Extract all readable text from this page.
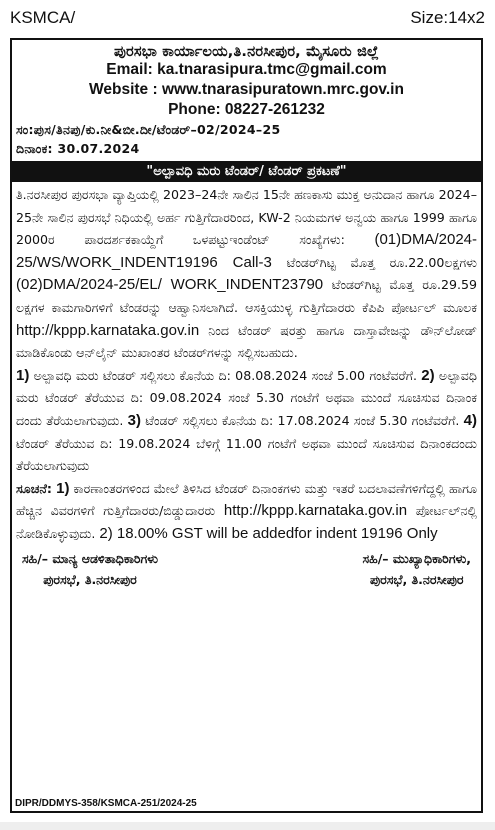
KSMCA/	Size:14x2
ಪುರಸಭಾ ಕಾರ್ಯಾಲಯ,ತಿ.ನರಸೀಪುರ, ಮೈಸೂರು ಜಿಲ್ಲೆ
Email: ka.tnarasipura.tmc@gmail.com
Website : www.tnarasipuratown.mrc.gov.in
Phone: 08227-261232
ಸಂ:ಪುಸ/ತಿನಪು/ಕು.ನೀ&ಬೀ.ದೀ/ಟೆಂಡರ್–02/2024–25
ದಿನಾಂಕ: 30.07.2024
"ಅಲ್ಪಾವಧಿ ಮರು ಟೆಂಡರ್/ ಟೆಂಡರ್ ಪ್ರಕಟಣೆ"

ತಿ.ನರಸೀಪುರ ಪುರಸಭಾ ವ್ಯಾಪ್ತಿಯಲ್ಲಿ 2023–24ನೇ ಸಾಲಿನ 15ನೇ ಹಣಕಾಸು ಮುಕ್ತ ಅನುದಾನ ಹಾಗೂ 2024–25ನೇ ಸಾಲಿನ ಪುರಸಭೆ ನಿಧಿಯಲ್ಲಿ ಅರ್ಹ ಗುತ್ತಿಗೆದಾರರಿಂದ, KW-2 ನಿಯಮಗಳ ಅನ್ವಯ ಹಾಗೂ 1999 ಹಾಗೂ 2000ರ ಪಾರದರ್ಶಕಕಾಯ್ದೆಗೆ ಒಳಪಟ್ಟುಇಂಡೆಂಟ್ ಸಂಖ್ಯೆಗಳು: (01)DMA/2024-25/WS/WORK_INDENT19196 Call-3 ಟೆಂಡರ್‌ಗಿಟ್ಟ ಮೊತ್ತ ರೂ.22.00ಲಕ್ಷಗಳು (02)DMA/2024-25/EL/ WORK_INDENT23790 ಟೆಂಡರ್‌ಗಿಟ್ಟ ಮೊತ್ತ ರೂ.29.59 ಲಕ್ಷಗಳ ಕಾಮಗಾರಿಗಳಿಗೆ ಟೆಂಡರನ್ನು ಆಹ್ವಾನಿಸಲಾಗಿದೆ. ಆಸಕ್ತಿಯುಳ್ಳ ಗುತ್ತಿಗೆದಾರರು ಕೆಪಿಪಿ ಪೋರ್ಟಲ್ ಮೂಲಕ http://kppp.karnataka.gov.in ನಿಂದ ಟೆಂಡರ್ ಷರತ್ತು ಹಾಗೂ ದಾಸ್ತಾವೇಜನ್ನು ಡೌನ್‌ಲೋಡ್ ಮಾಡಿಕೊಂಡು ಆನ್‌ಲೈನ್ ಮುಖಾಂತರ ಟೆಂಡರ್‌ಗಳನ್ನು ಸಲ್ಲಿಸಬಹುದು.

1) ಅಲ್ಪಾವಧಿ ಮರು ಟೆಂಡರ್ ಸಲ್ಲಿಸಲು ಕೊನೆಯ ದಿ: 08.08.2024 ಸಂಜೆ 5.00 ಗಂಟೆವರೆಗೆ. 2) ಅಲ್ಪಾವಧಿ ಮರು ಟೆಂಡರ್ ತೆರೆಯುವ ದಿ: 09.08.2024 ಸಂಜೆ 5.30 ಗಂಟೆಗೆ ಅಥವಾ ಮುಂದೆ ಸೂಚಿಸುವ ದಿನಾಂಕ ದಂದು ತೆರೆಯಲಾಗುವುದು. 3) ಟೆಂಡರ್ ಸಲ್ಲಿಸಲು ಕೊನೆಯ ದಿ: 17.08.2024 ಸಂಜೆ 5.30 ಗಂಟೆವರೆಗೆ. 4) ಟೆಂಡರ್ ತೆರೆಯುವ ದಿ: 19.08.2024 ಬೆಳಿಗ್ಗೆ 11.00 ಗಂಟೆಗೆ ಅಥವಾ ಮುಂದೆ ಸೂಚಿಸುವ ದಿನಾಂಕದಂದು ತೆರೆಯಲಾಗುವುದು

ಸೂಚನೆ: 1) ಕಾರಣಾಂತರಗಳಿಂದ ಮೇಲೆ ತಿಳಿಸಿದ ಟೆಂಡರ್ ದಿನಾಂಕಗಳು ಮತ್ತು ಇತರೆ ಬದಲಾವಣೆಗಳಿಗೆದ್ದಲ್ಲಿ ಹಾಗೂ ಹೆಚ್ಚಿನ ವಿವರಗಳಿಗೆ ಗುತ್ತಿಗೆದಾರರು/ಬಿಡ್ಡುದಾರರು http://kppp.karnataka.gov.in ಪೋರ್ಟಲ್‌ನಲ್ಲಿ ನೋಡಿಕೊಳ್ಳುವುದು. 2) 18.00% GST will be addedfor indent 19196 Only

ಸಹಿ/– ಮಾನ್ಯ ಆಡಳಿತಾಧಿಕಾರಿಗಳು
ಪುರಸಭೆ, ತಿ.ನರಸೀಪುರ
ಸಹಿ/– ಮುಖ್ಯಾಧಿಕಾರಿಗಳು,
ಪುರಸಭೆ, ತಿ.ನರಸೀಪುರ
DIPR/DDMYS-358/KSMCA-251/2024-25
